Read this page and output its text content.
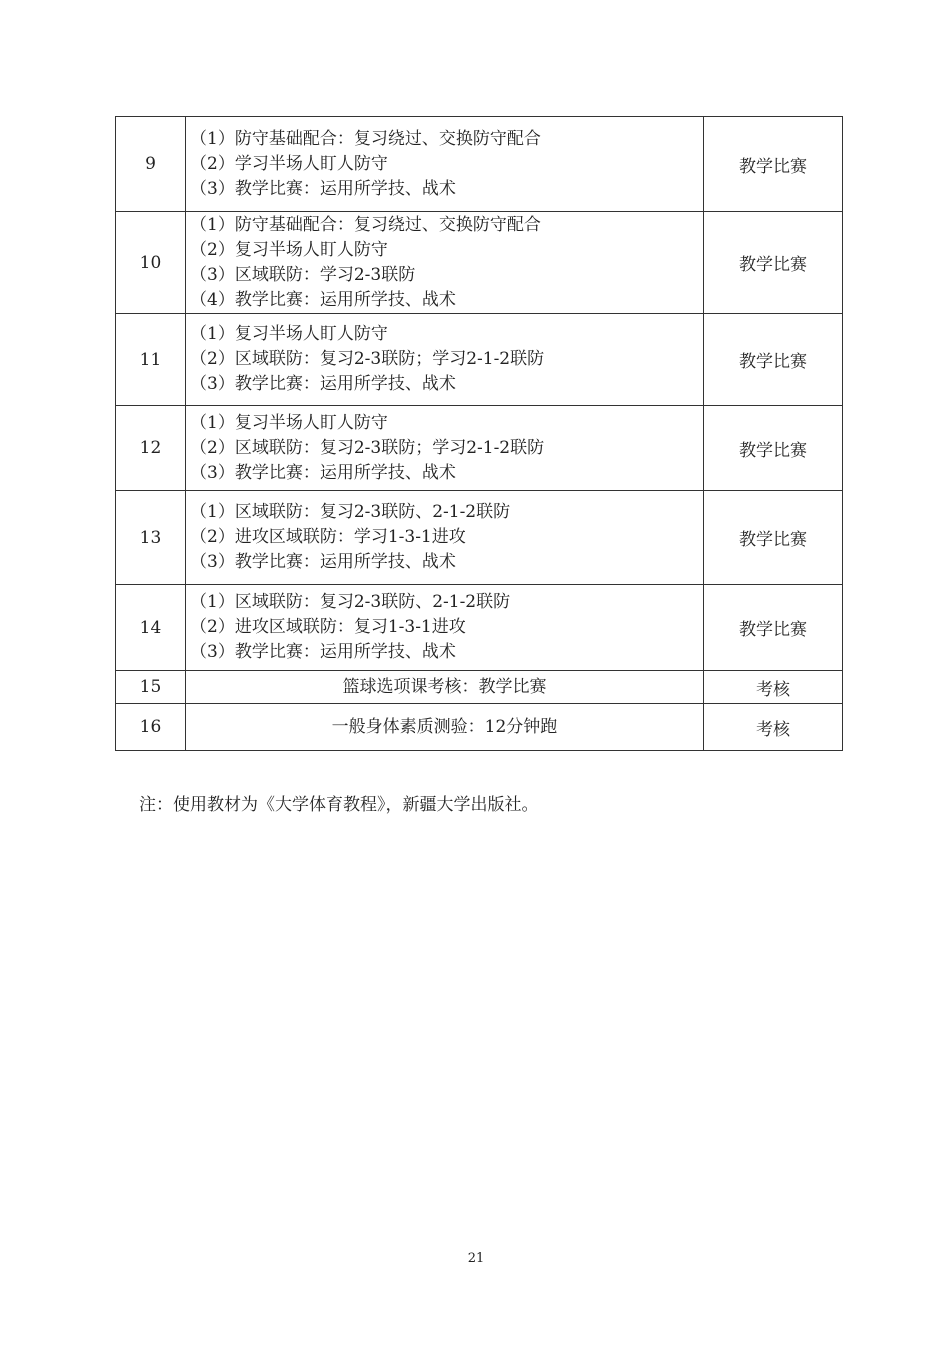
9	（1）防守基础配合：复习绕过、交换防守配合
（2）学习半场人盯人防守
（3）教学比赛：运用所学技、战术	教学比赛
10	（1）防守基础配合：复习绕过、交换防守配合
（2）复习半场人盯人防守
（3）区域联防：学习2-3联防
（4）教学比赛：运用所学技、战术	教学比赛
11	（1）复习半场人盯人防守
（2）区域联防：复习2-3联防；学习2-1-2联防
（3）教学比赛：运用所学技、战术	教学比赛
12	（1）复习半场人盯人防守
（2）区域联防：复习2-3联防；学习2-1-2联防
（3）教学比赛：运用所学技、战术	教学比赛
13	（1）区域联防：复习2-3联防、2-1-2联防
（2）进攻区域联防：学习1-3-1进攻
（3）教学比赛：运用所学技、战术	教学比赛
14	（1）区域联防：复习2-3联防、2-1-2联防
（2）进攻区域联防：复习1-3-1进攻
（3）教学比赛：运用所学技、战术	教学比赛
15	篮球选项课考核：教学比赛	考核
16	一般身体素质测验：12分钟跑	考核
注：使用教材为《大学体育教程》，新疆大学出版社。
21
